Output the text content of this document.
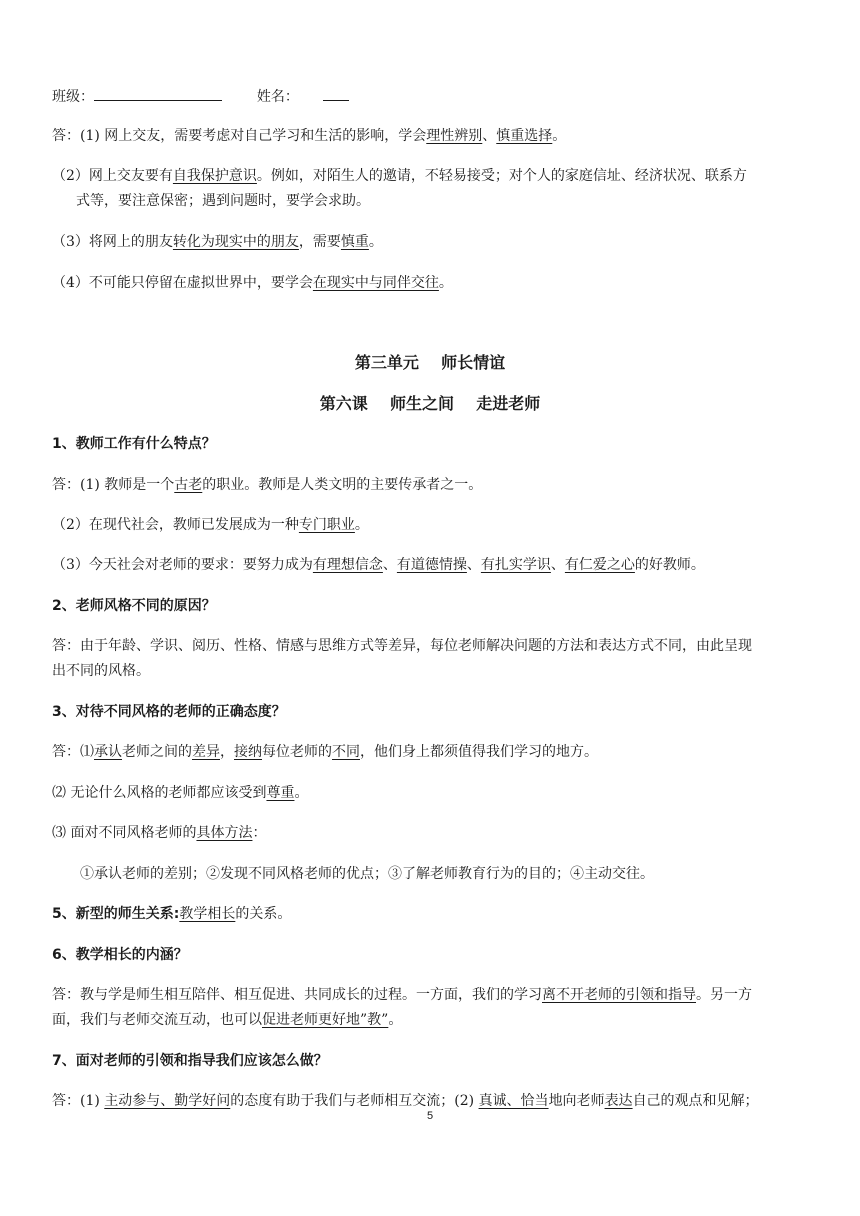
班级：	姓名：
答：(1) 网上交友，需要考虑对自己学习和生活的影响，学会理性辨别、慎重选择。
（2）网上交友要有自我保护意识。例如，对陌生人的邀请，不轻易接受；对个人的家庭信址、经济状况、联系方
式等，要注意保密；遇到问题时，要学会求助。
（3）将网上的朋友转化为现实中的朋友，需要慎重。
（4）不可能只停留在虚拟世界中，要学会在现实中与同伴交往。
第三单元    师长情谊
第六课    师生之间    走进老师
1、教师工作有什么特点？
答：(1) 教师是一个古老的职业。教师是人类文明的主要传承者之一。
（2）在现代社会，教师已发展成为一种专门职业。
（3）今天社会对老师的要求：要努力成为有理想信念、有道德情操、有扎实学识、有仁爱之心的好教师。
2、老师风格不同的原因？
答：由于年龄、学识、阅历、性格、情感与思维方式等差异，每位老师解决问题的方法和表达方式不同，由此呈现
出不同的风格。
3、对待不同风格的老师的正确态度？
答：⑴承认老师之间的差异，接纳每位老师的不同，他们身上都须值得我们学习的地方。
⑵ 无论什么风格的老师都应该受到尊重。
⑶ 面对不同风格老师的具体方法：
①承认老师的差别；②发现不同风格老师的优点；③了解老师教育行为的目的；④主动交往。
5、新型的师生关系:教学相长的关系。
6、教学相长的内涵？
答：教与学是师生相互陪伴、相互促进、共同成长的过程。一方面，我们的学习离不开老师的引领和指导。另一方
面，我们与老师交流互动，也可以促进老师更好地”教”。
7、面对老师的引领和指导我们应该怎么做？
答：(1) 主动参与、勤学好问的态度有助于我们与老师相互交流；(2) 真诚、恰当地向老师表达自己的观点和见解；
5
